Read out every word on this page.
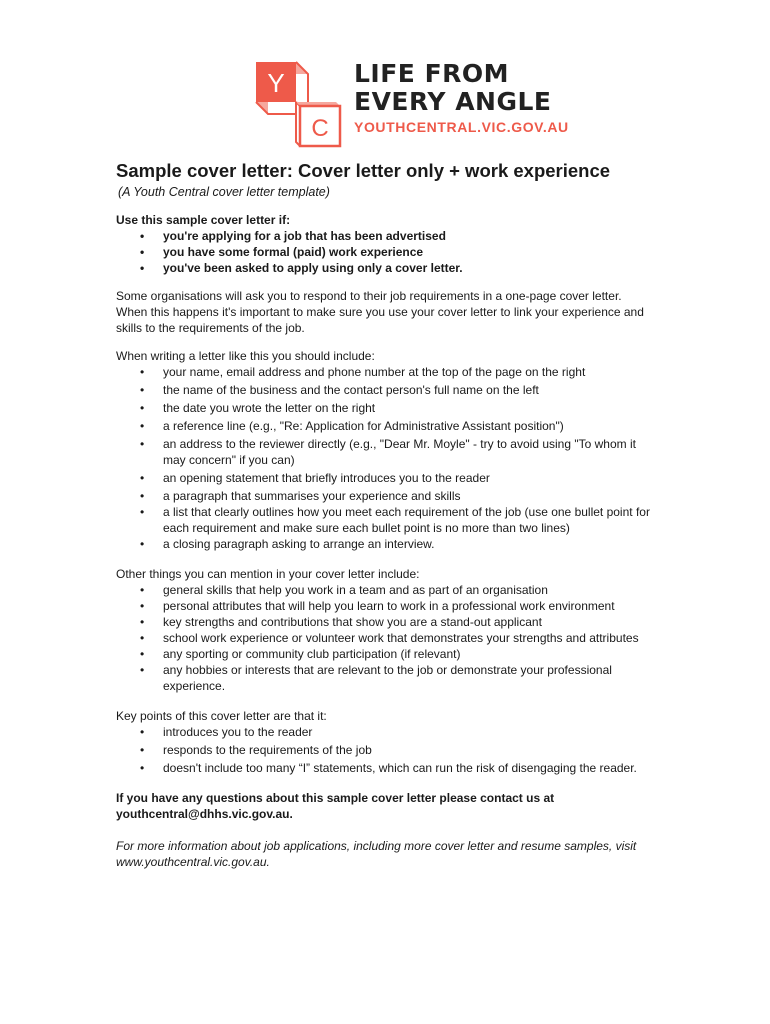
Y
C
LIFE FROM
EVERY ANGLE
YOUTHCENTRAL.VIC.GOV.AU
Sample cover letter: Cover letter only + work experience
(A Youth Central cover letter template)

Use this sample cover letter if:

• you're applying for a job that has been advertised
• you have some formal (paid) work experience
• you've been asked to apply using only a cover letter.

Some organisations will ask you to respond to their job requirements in a one-page cover letter. When this happens it's important to make sure you use your cover letter to link your experience and skills to the requirements of the job.

When writing a letter like this you should include:

• your name, email address and phone number at the top of the page on the right
• the name of the business and the contact person's full name on the left
• the date you wrote the letter on the right
• a reference line (e.g., "Re: Application for Administrative Assistant position")
• an address to the reviewer directly (e.g., "Dear Mr. Moyle" - try to avoid using "To whom it may concern" if you can)
• an opening statement that briefly introduces you to the reader
• a paragraph that summarises your experience and skills
• a list that clearly outlines how you meet each requirement of the job (use one bullet point for each requirement and make sure each bullet point is no more than two lines)
• a closing paragraph asking to arrange an interview.

Other things you can mention in your cover letter include:

• general skills that help you work in a team and as part of an organisation
• personal attributes that will help you learn to work in a professional work environment
• key strengths and contributions that show you are a stand-out applicant
• school work experience or volunteer work that demonstrates your strengths and attributes
• any sporting or community club participation (if relevant)
• any hobbies or interests that are relevant to the job or demonstrate your professional experience.

Key points of this cover letter are that it:

• introduces you to the reader
• responds to the requirements of the job
• doesn't include too many “I” statements, which can run the risk of disengaging the reader.

If you have any questions about this sample cover letter please contact us at youthcentral@dhhs.vic.gov.au.

For more information about job applications, including more cover letter and resume samples, visit www.youthcentral.vic.gov.au.
